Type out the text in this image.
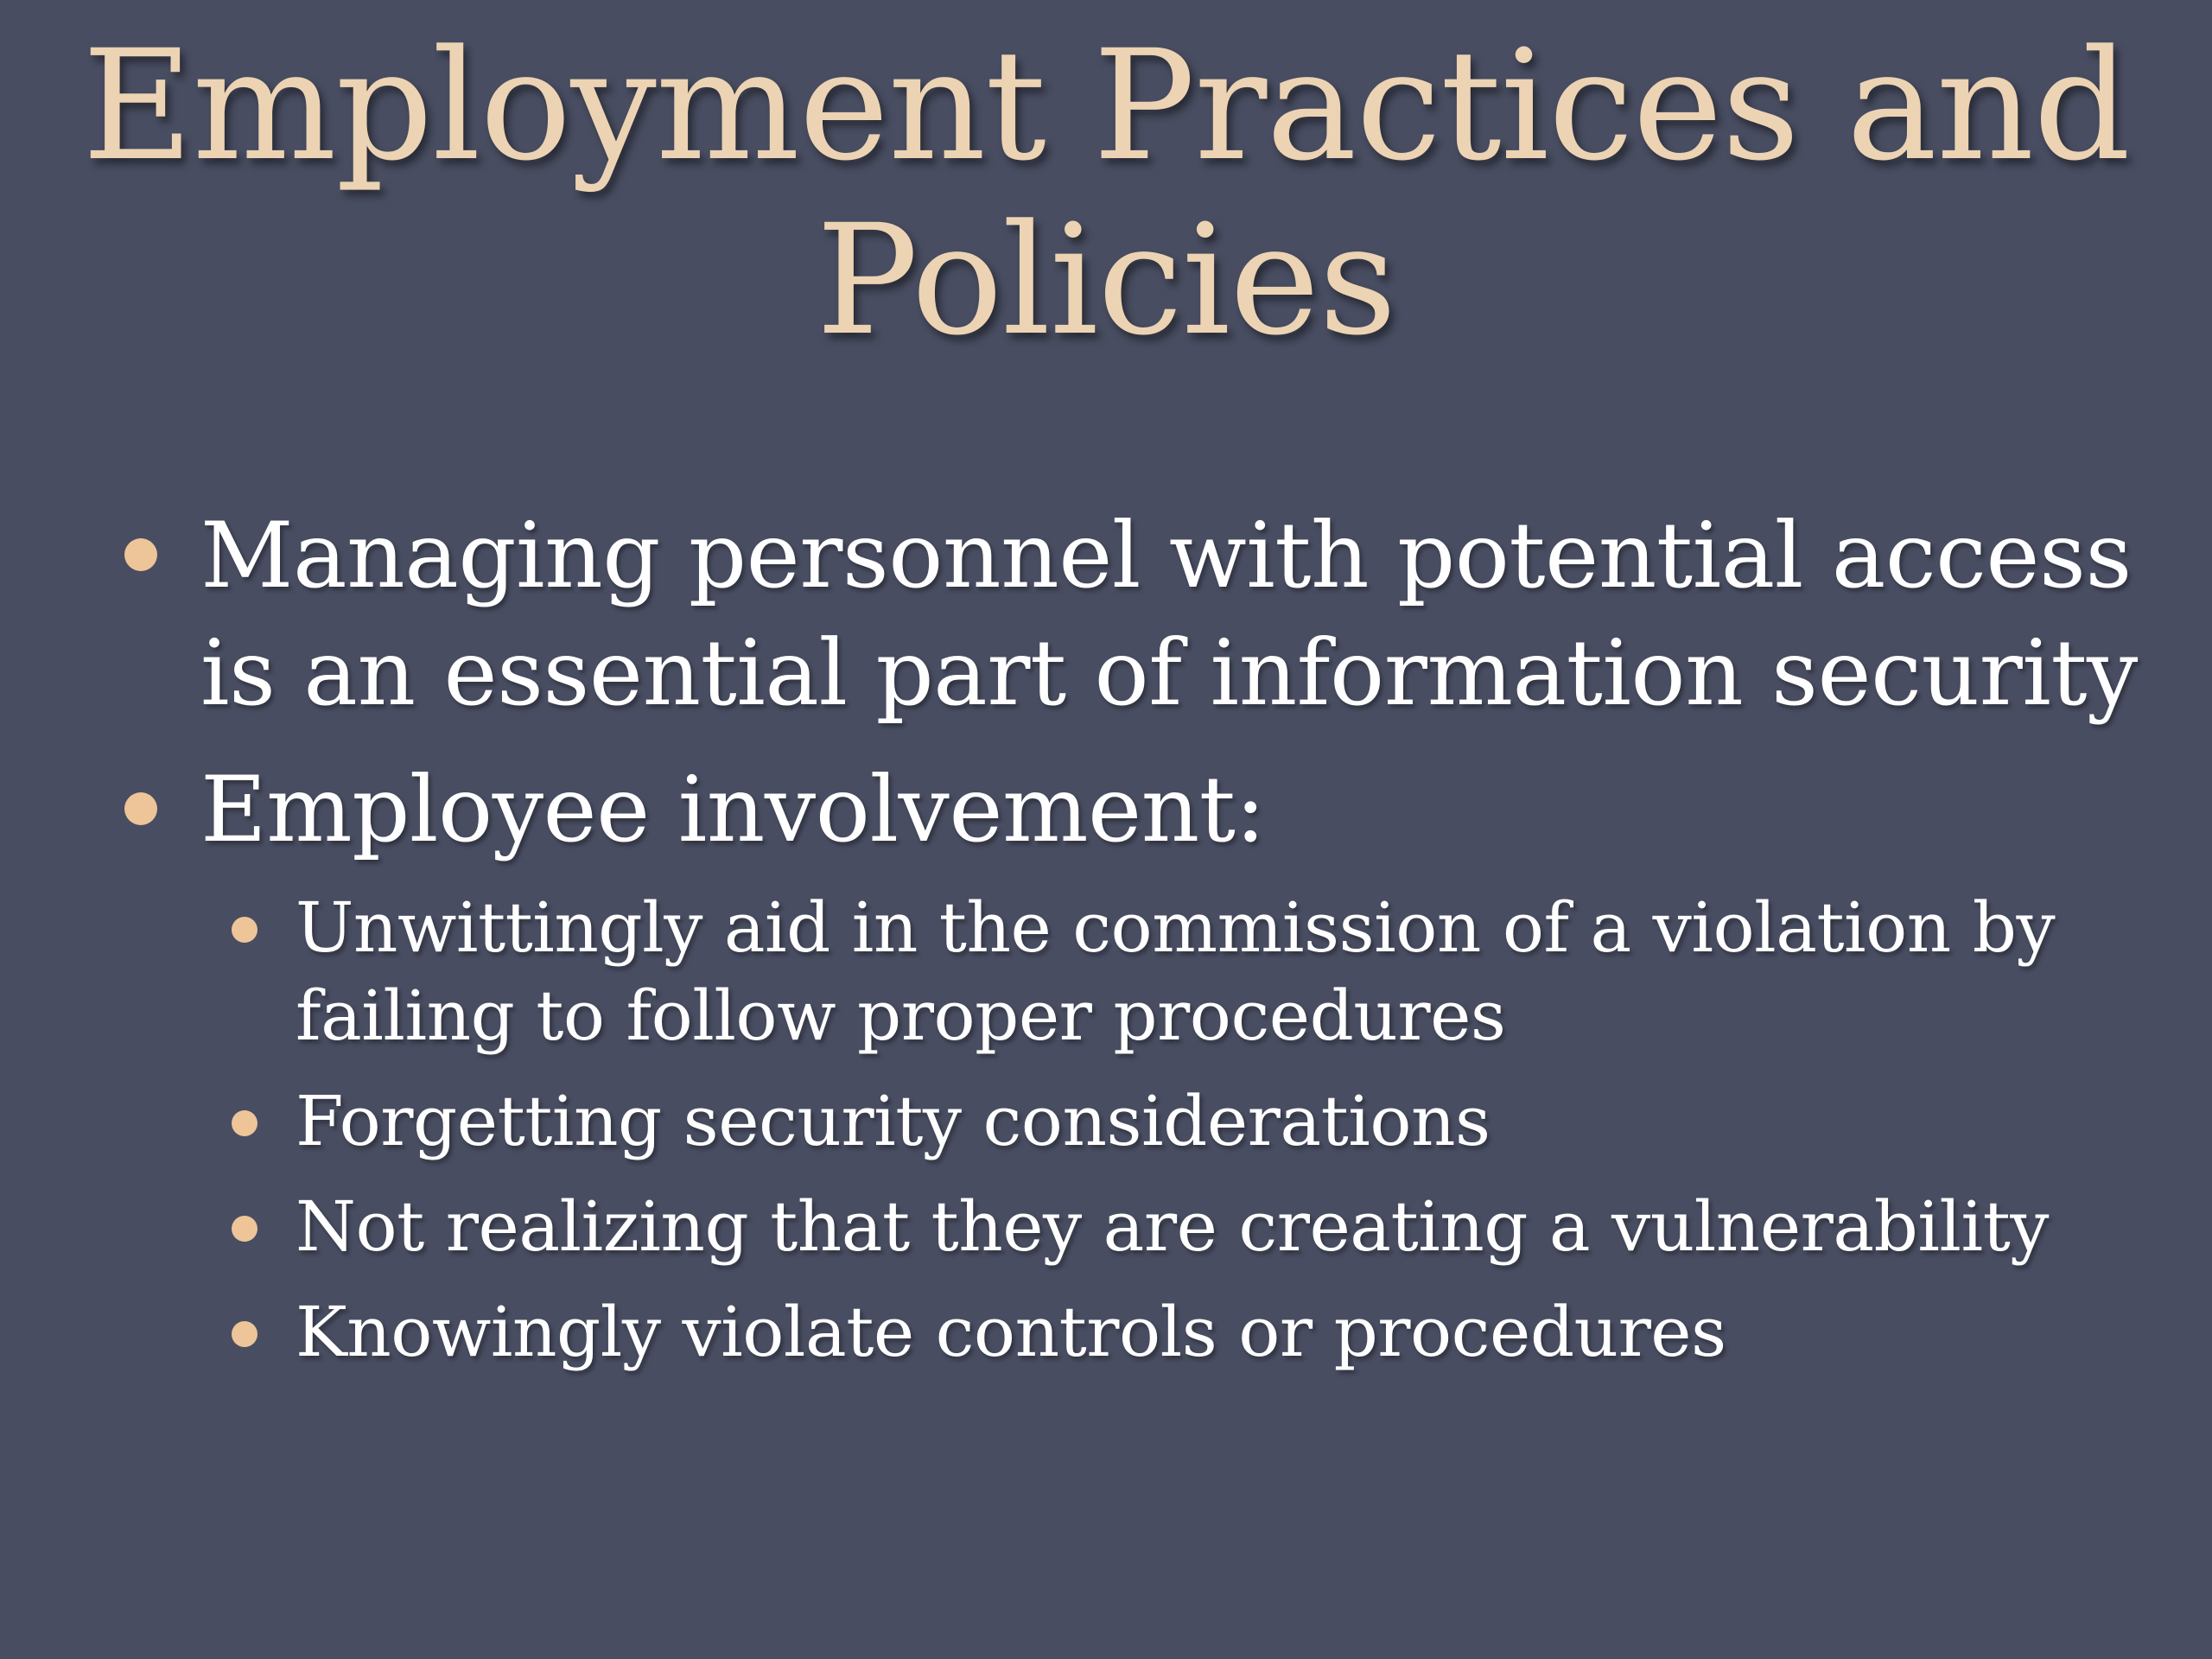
Employment Practices and
Policies
Managing personnel with potential access
is an essential part of information security
Employee involvement:
Unwittingly aid in the commission of a violation by
failing to follow proper procedures
Forgetting security considerations
Not realizing that they are creating a vulnerability
Knowingly violate controls or procedures
